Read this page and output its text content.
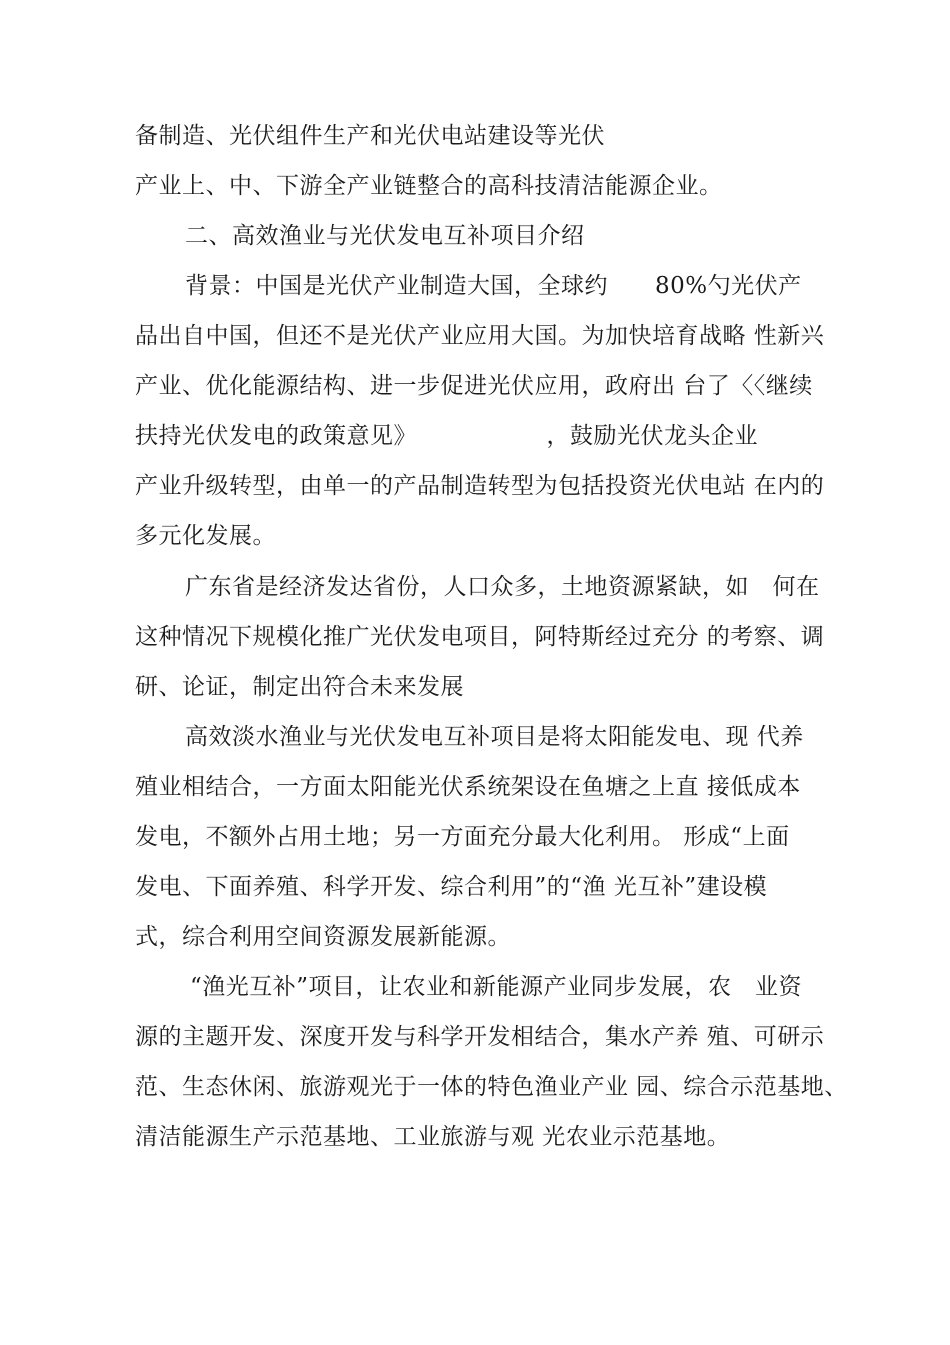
备制造、光伏组件生产和光伏电站建设等光伏
产业上、中、下游全产业链整合的高科技清洁能源企业。
二、高效渔业与光伏发电互补项目介绍
背景：中国是光伏产业制造大国，全球约　　80%勺光伏产
品出自中国，但还不是光伏产业应用大国。为加快培育战略 性新兴
产业、优化能源结构、进一步促进光伏应用，政府出 台了〈〈继续
扶持光伏发电的政策意见》　　　　　　，鼓励光伏龙头企业
产业升级转型，由单一的产品制造转型为包括投资光伏电站 在内的
多元化发展。
广东省是经济发达省份，人口众多，土地资源紧缺，如　何在
这种情况下规模化推广光伏发电项目，阿特斯经过充分 的考察、调
研、论证，制定出符合未来发展
高效淡水渔业与光伏发电互补项目是将太阳能发电、现 代养
殖业相结合，一方面太阳能光伏系统架设在鱼塘之上直 接低成本
发电，不额外占用土地；另一方面充分最大化利用。 形成“上面
发电、下面养殖、科学开发、综合利用”的“渔 光互补”建设模
式，综合利用空间资源发展新能源。
“渔光互补”项目，让农业和新能源产业同步发展，农　业资
源的主题开发、深度开发与科学开发相结合，集水产养 殖、可研示
范、生态休闲、旅游观光于一体的特色渔业产业 园、综合示范基地、
清洁能源生产示范基地、工业旅游与观 光农业示范基地。
